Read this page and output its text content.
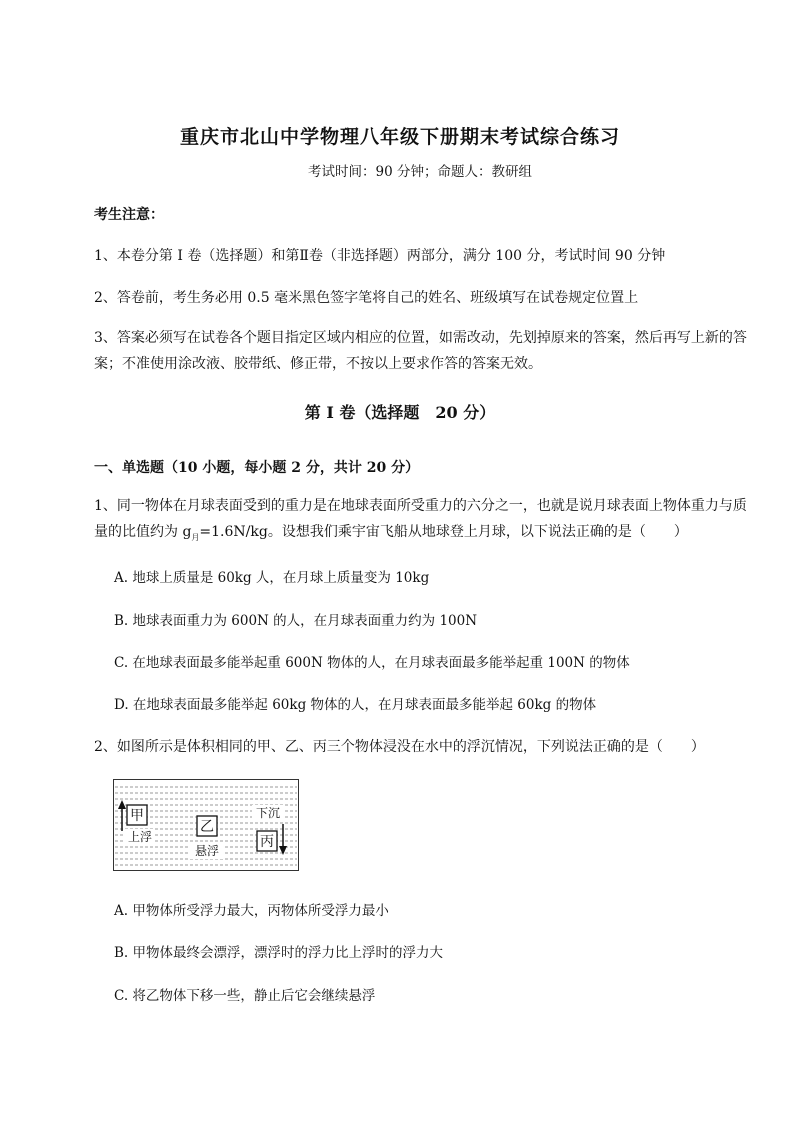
重庆市北山中学物理八年级下册期末考试综合练习
考试时间：90 分钟；命题人：教研组
考生注意：
1、本卷分第 I 卷（选择题）和第Ⅱ卷（非选择题）两部分，满分 100 分，考试时间 90 分钟
2、答卷前，考生务必用 0.5 毫米黑色签字笔将自己的姓名、班级填写在试卷规定位置上
3、答案必须写在试卷各个题目指定区域内相应的位置，如需改动，先划掉原来的答案，然后再写上新的答案；不准使用涂改液、胶带纸、修正带，不按以上要求作答的答案无效。
第 I 卷（选择题　20 分）
一、单选题（10 小题，每小题 2 分，共计 20 分）
1、同一物体在月球表面受到的重力是在地球表面所受重力的六分之一，也就是说月球表面上物体重力与质量的比值约为 $g_月=1.6N/kg$。设想我们乘宇宙飞船从地球登上月球，以下说法正确的是（　　）
A. 地球上质量是 60kg 人，在月球上质量变为 10kg
B. 地球表面重力为 600N 的人，在月球表面重力约为 100N
C. 在地球表面最多能举起重 600N 物体的人，在月球表面最多能举起重 100N 的物体
D. 在地球表面最多能举起 60kg 物体的人，在月球表面最多能举起 60kg 的物体
2、如图所示是体积相同的甲、乙、丙三个物体浸没在水中的浮沉情况，下列说法正确的是（　　）
甲
上浮
乙
悬浮
下沉
丙
A. 甲物体所受浮力最大，丙物体所受浮力最小
B. 甲物体最终会漂浮，漂浮时的浮力比上浮时的浮力大
C. 将乙物体下移一些，静止后它会继续悬浮
